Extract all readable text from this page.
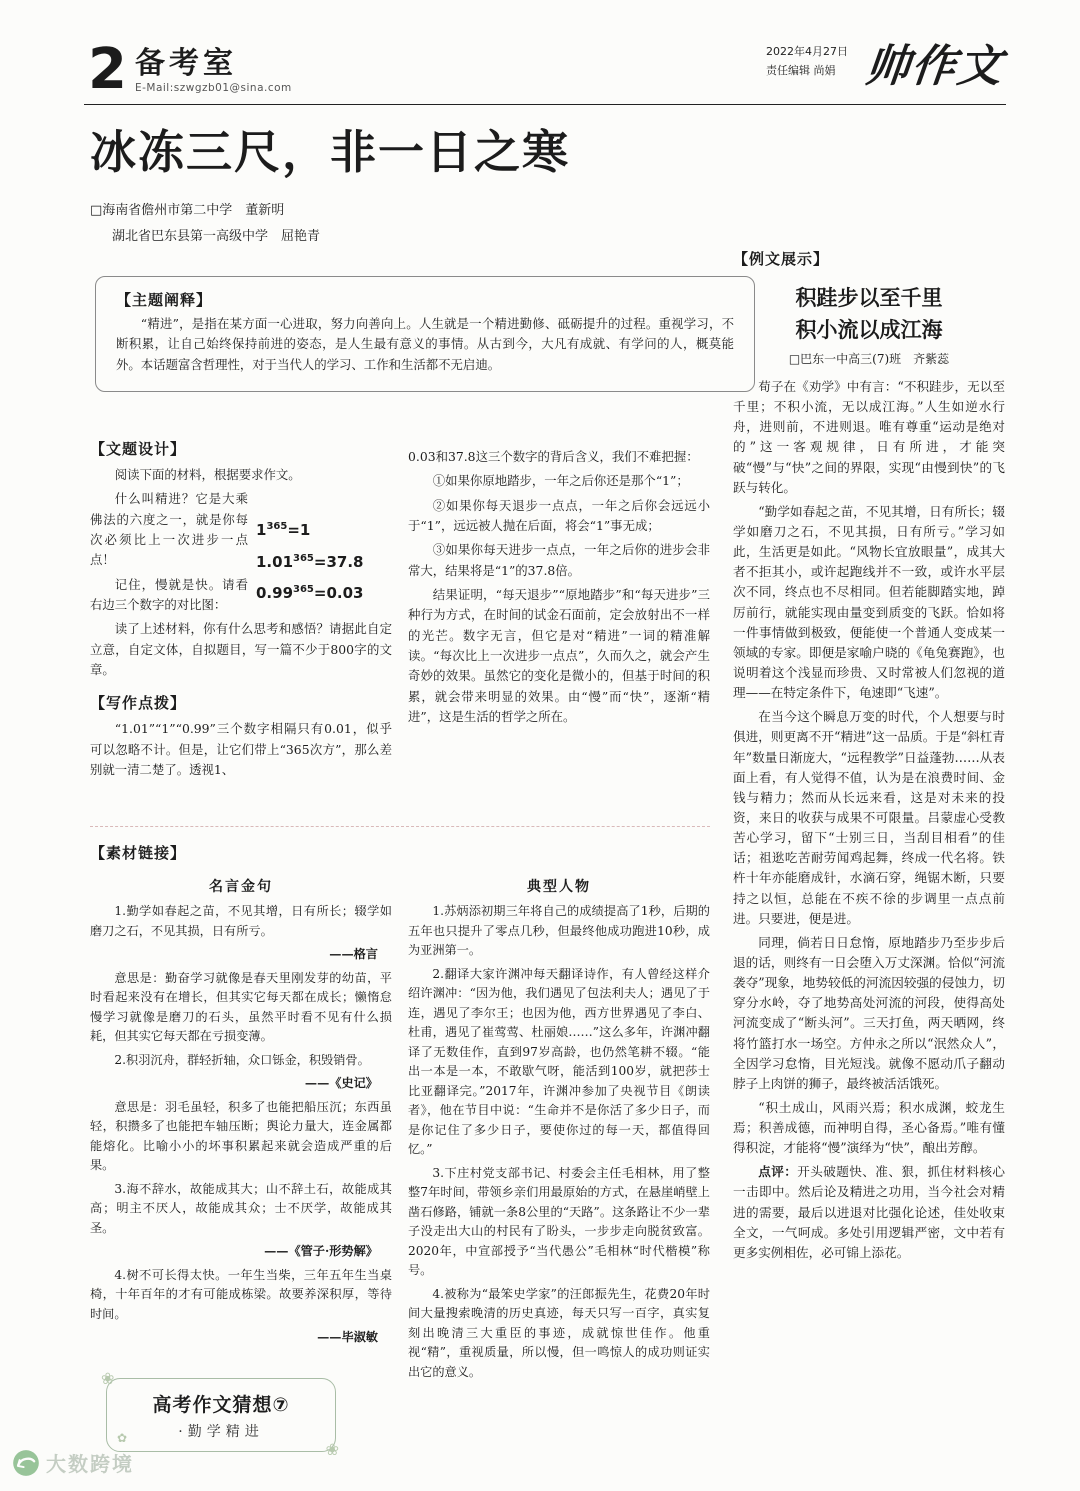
2 备考室
E-Mail:szwgzb01@sina.com
2022年4月27日
责任编辑 尚娟 帅作文
冰冻三尺，非一日之寒
□海南省儋州市第二中学　董新明
湖北省巴东县第一高级中学　屈艳青
【主题阐释】

“精进”，是指在某方面一心进取，努力向善向上。人生就是一个精进勤修、砥砺提升的过程。重视学习，不断积累，让自己始终保持前进的姿态，是人生最有意义的事情。从古到今，大凡有成就、有学问的人，概莫能外。本话题富含哲理性，对于当代人的学习、工作和生活都不无启迪。

【文题设计】

阅读下面的材料，根据要求作文。

什么叫精进？它是大乘佛法的六度之一，就是你每次必须比上一次进步一点点！

记住，慢就是快。请看右边三个数字的对比图：

$1^{365}=1$
$1.01^{365}=37.8$
$0.99^{365}=0.03$

读了上述材料，你有什么思考和感悟？请据此自定立意，自定文体，自拟题目，写一篇不少于800字的文章。

【写作点拨】

“1.01”“1”“0.99”三个数字相隔只有0.01，似乎可以忽略不计。但是，让它们带上“365次方”，那么差别就一清二楚了。透视1、

0.03和37.8这三个数字的背后含义，我们不难把握：

①如果你原地踏步，一年之后你还是那个“1”；

②如果你每天退步一点点，一年之后你会远远小于“1”，远远被人抛在后面，将会“1”事无成；

③如果你每天进步一点点，一年之后你的进步会非常大，结果将是“1”的37.8倍。

结果证明，“每天退步”“原地踏步”和“每天进步”三种行为方式，在时间的试金石面前，定会放射出不一样的光芒。数字无言，但它是对“精进”一词的精准解读。“每次比上一次进步一点点”，久而久之，就会产生奇妙的效果。虽然它的变化是微小的，但基于时间的积累，就会带来明显的效果。由“慢”而“快”，逐渐“精进”，这是生活的哲学之所在。

【素材链接】
名言金句

1.勤学如春起之苗，不见其增，日有所长；辍学如磨刀之石，不见其损，日有所亏。

——格言

意思是：勤奋学习就像是春天里刚发芽的幼苗，平时看起来没有在增长，但其实它每天都在成长；懒惰怠慢学习就像是磨刀的石头，虽然平时看不见有什么损耗，但其实它每天都在亏损变薄。

2.积羽沉舟，群轻折轴，众口铄金，积毁销骨。

——《史记》

意思是：羽毛虽轻，积多了也能把船压沉；东西虽轻，积攒多了也能把车轴压断；舆论力量大，连金属都能熔化。比喻小小的坏事积累起来就会造成严重的后果。

3.海不辞水，故能成其大；山不辞土石，故能成其高；明主不厌人，故能成其众；士不厌学，故能成其圣。

——《管子·形势解》

4.树不可长得太快。一年生当柴，三年五年生当桌椅，十年百年的才有可能成栋梁。故要养深积厚，等待时间。

——毕淑敏

典型人物

1.苏炳添初期三年将自己的成绩提高了1秒，后期的五年也只提升了零点几秒，但最终他成功跑进10秒，成为亚洲第一。

2.翻译大家许渊冲每天翻译诗作，有人曾经这样介绍许渊冲：“因为他，我们遇见了包法利夫人；遇见了于连，遇见了李尔王；也因为他，西方世界遇见了李白、杜甫，遇见了崔莺莺、杜丽娘……”这么多年，许渊冲翻译了无数佳作，直到97岁高龄，也仍然笔耕不辍。“能出一本是一本，不敢歇气呀，能活到100岁，就把莎士比亚翻译完。”2017年，许渊冲参加了央视节目《朗读者》，他在节目中说：“生命并不是你活了多少日子，而是你记住了多少日子，要使你过的每一天，都值得回忆。”

3.下庄村党支部书记、村委会主任毛相林，用了整整7年时间，带领乡亲们用最原始的方式，在悬崖峭壁上凿石修路，铺就一条8公里的“天路”。这条路让不少一辈子没走出大山的村民有了盼头，一步步走向脱贫致富。2020年，中宣部授予“当代愚公”毛相林“时代楷模”称号。

4.被称为“最笨史学家”的汪郎振先生，花费20年时间大量搜索晚清的历史真迹，每天只写一百字，真实复刻出晚清三大重臣的事迹，成就惊世佳作。他重视“精”，重视质量，所以慢，但一鸣惊人的成功则证实出它的意义。

【例文展示】
积跬步以至千里
积小流以成江海
□巴东一中高三(7)班　齐紫蕊

荀子在《劝学》中有言：“不积跬步，无以至千里；不积小流，无以成江海。”人生如逆水行舟，进则前，不进则退。唯有尊重“运动是绝对的”这一客观规律，日有所进，才能突破“慢”与“快”之间的界限，实现“由慢到快”的飞跃与转化。

“勤学如春起之苗，不见其增，日有所长；辍学如磨刀之石，不见其损，日有所亏。”学习如此，生活更是如此。“风物长宜放眼量”，成其大者不拒其小，或许起跑线并不一致，或许水平层次不同，终点也不尽相同。但若能脚踏实地，踔厉前行，就能实现由量变到质变的飞跃。恰如将一件事情做到极致，便能使一个普通人变成某一领域的专家。即便是家喻户晓的《龟兔赛跑》，也说明着这个浅显而珍贵、又时常被人们忽视的道理——在特定条件下，龟速即“飞速”。

在当今这个瞬息万变的时代，个人想要与时俱进，则更离不开“精进”这一品质。于是“斜杠青年”数量日渐庞大，“远程教学”日益蓬勃……从表面上看，有人觉得不值，认为是在浪费时间、金钱与精力；然而从长远来看，这是对未来的投资，来日的收获与成果不可限量。吕蒙虚心受教苦心学习，留下“士别三日，当刮目相看”的佳话；祖逖吃苦耐劳闻鸡起舞，终成一代名将。铁杵十年亦能磨成针，水滴石穿，绳锯木断，只要持之以恒，总能在不疾不徐的步调里一点点前进。只要进，便是进。

同理，倘若日日怠惰，原地踏步乃至步步后退的话，则终有一日会堕入万丈深渊。恰似“河流袭夺”现象，地势较低的河流因较强的侵蚀力，切穿分水岭，夺了地势高处河流的河段，使得高处河流变成了“断头河”。三天打鱼，两天晒网，终将竹篮打水一场空。方仲永之所以“泯然众人”，全因学习怠惰，目光短浅。就像不愿动爪子翻动脖子上肉饼的狮子，最终被活活饿死。

“积土成山，风雨兴焉；积水成渊，蛟龙生焉；积善成德，而神明自得，圣心备焉。”唯有懂得积淀，才能将“慢”演绎为“快”，酿出芳醇。

点评：开头破题快、准、狠，抓住材料核心一击即中。然后论及精进之功用，当今社会对精进的需要，最后以进退对比强化论述，佳处收束全文，一气呵成。多处引用逻辑严密，文中若有更多实例相佐，必可锦上添花。

❀
✿
❀
高考作文猜想⑦
·勤学精进
大数跨境
